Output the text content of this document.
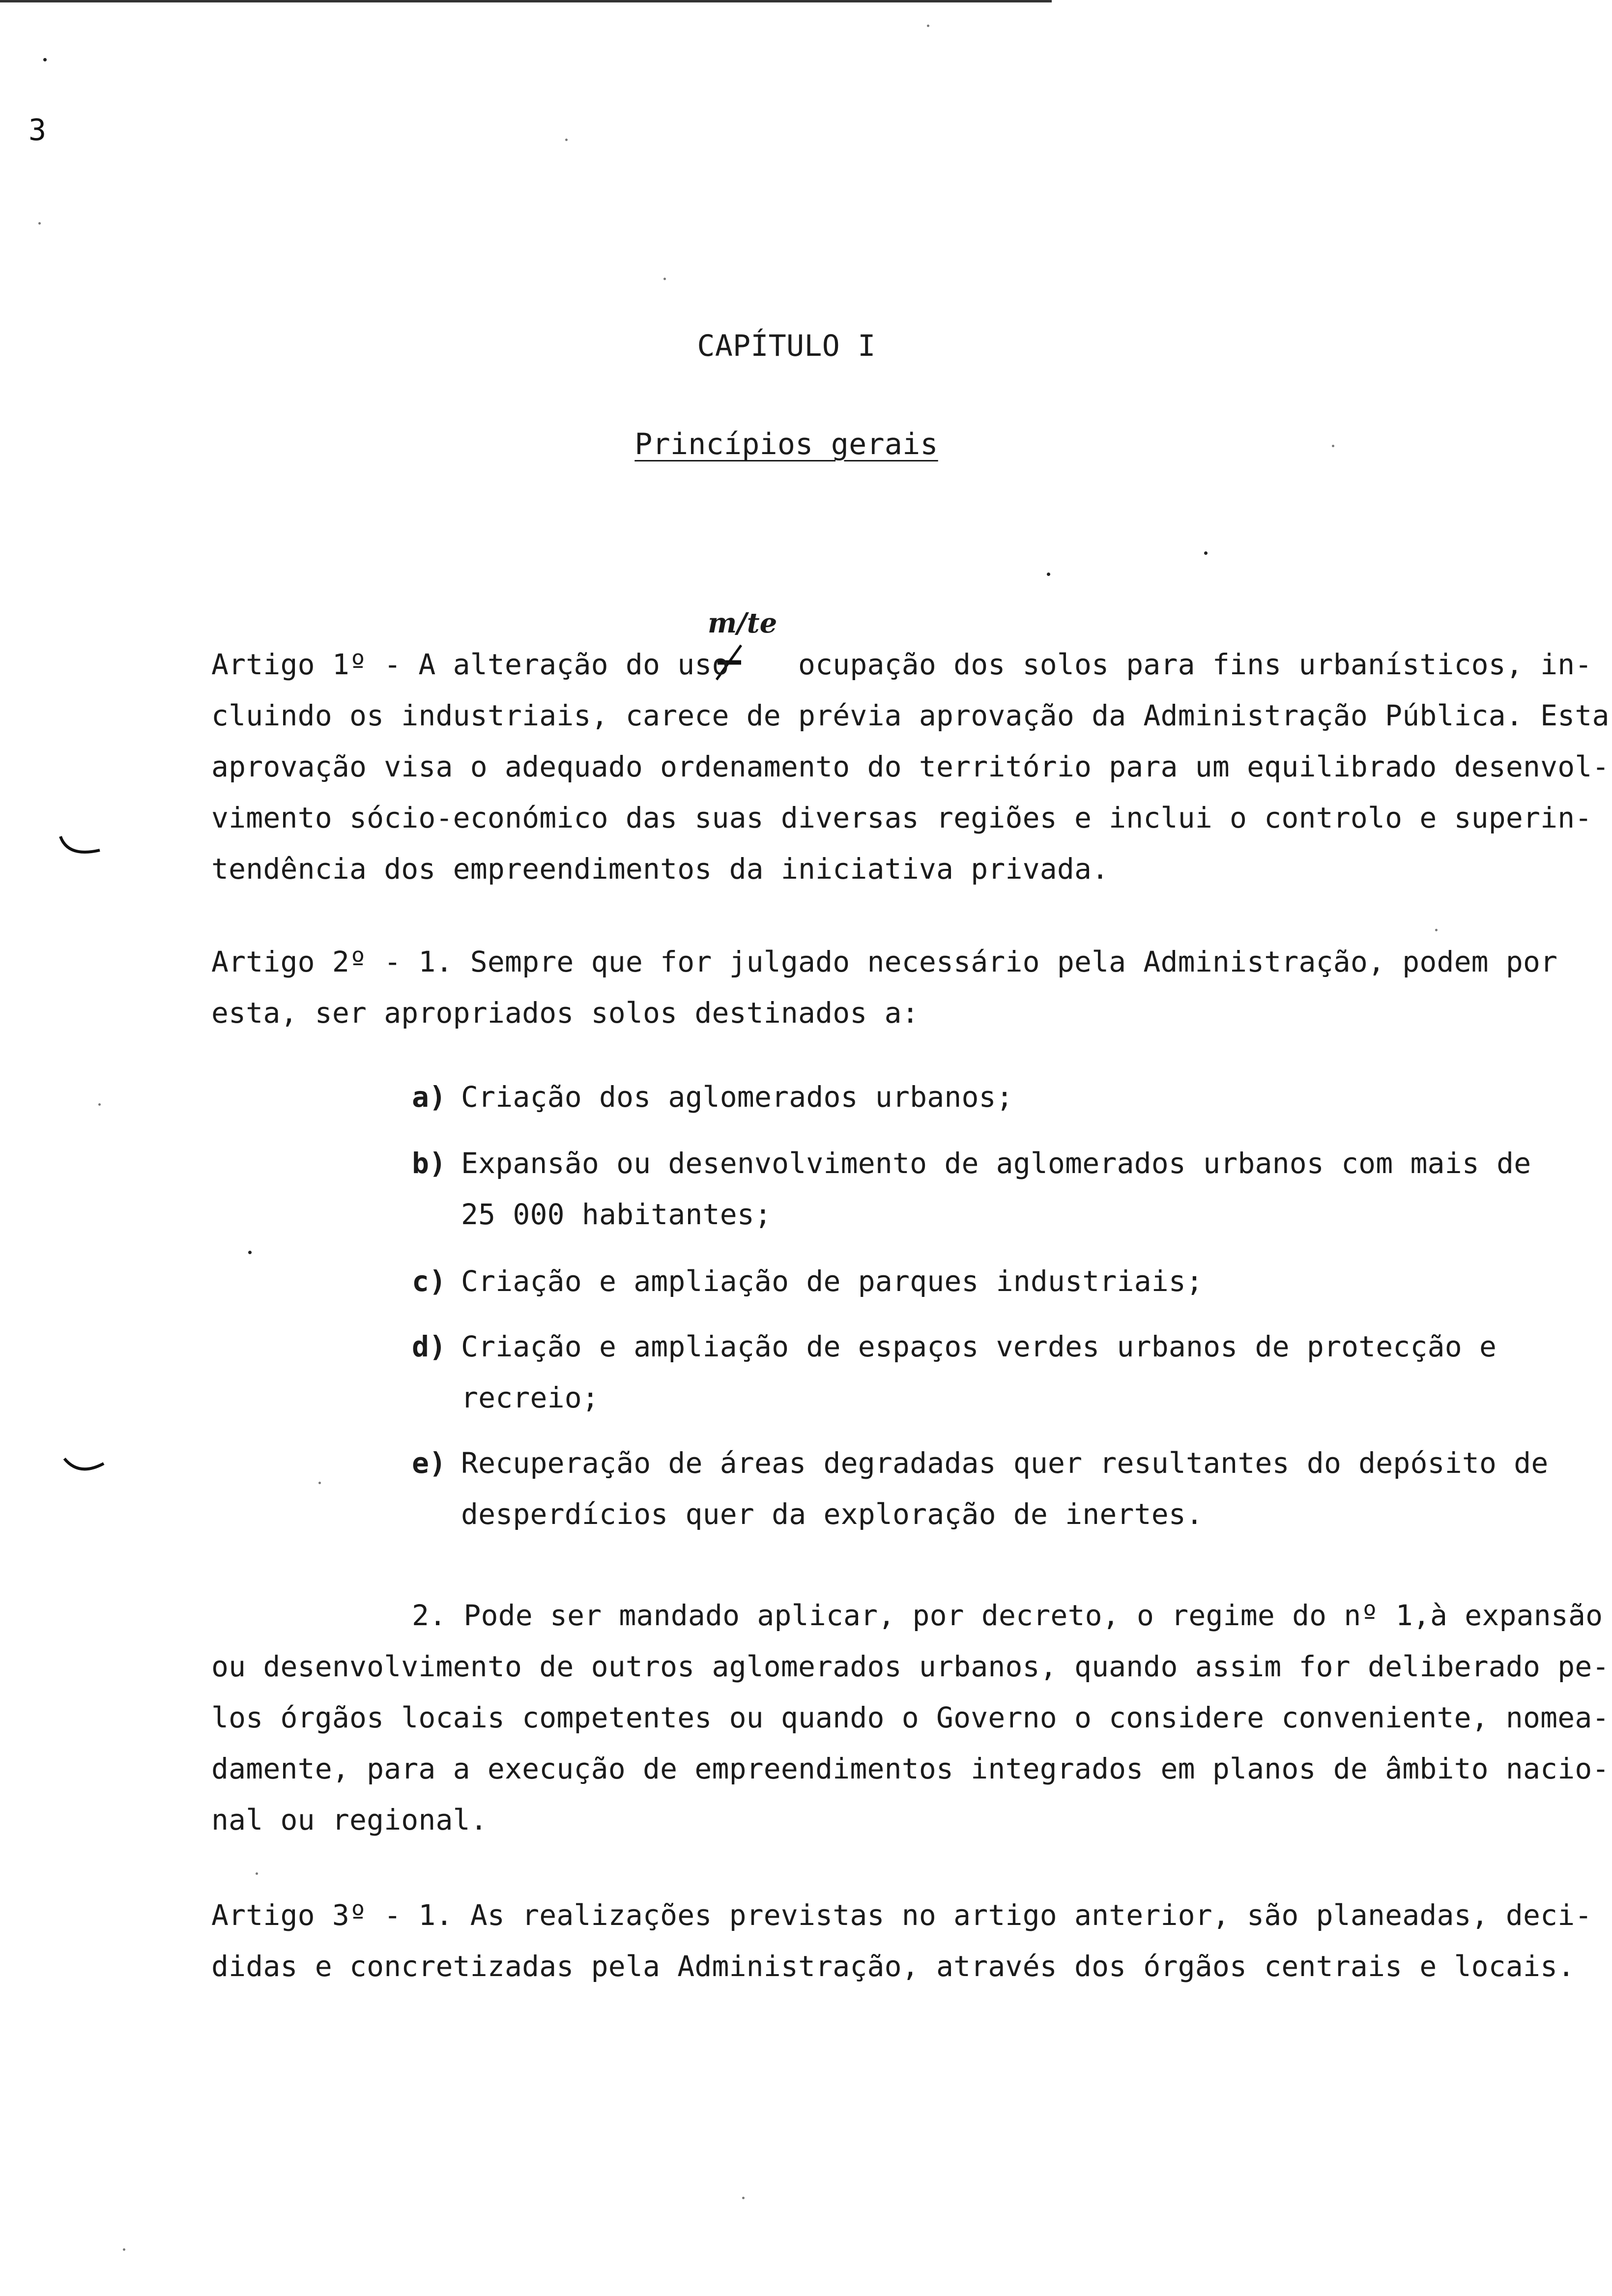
3
CAPÍTULO I
Princípios gerais
m/te
Artigo 1º - A alteração do uso    ocupação dos solos para fins urbanísticos, in-
cluindo os industriais, carece de prévia aprovação da Administração Pública. Esta
aprovação visa o adequado ordenamento do território para um equilibrado desenvol-
vimento sócio-económico das suas diversas regiões e inclui o controlo e superin-
tendência dos empreendimentos da iniciativa privada.
Artigo 2º - 1. Sempre que for julgado necessário pela Administração, podem por
esta, ser apropriados solos destinados a:
a) Criação dos aglomerados urbanos;
b) Expansão ou desenvolvimento de aglomerados urbanos com mais de
25 000 habitantes;
c) Criação e ampliação de parques industriais;
d) Criação e ampliação de espaços verdes urbanos de protecção e
recreio;
e) Recuperação de áreas degradadas quer resultantes do depósito de
desperdícios quer da exploração de inertes.
2. Pode ser mandado aplicar, por decreto, o regime do nº 1,à expansão
ou desenvolvimento de outros aglomerados urbanos, quando assim for deliberado pe-
los órgãos locais competentes ou quando o Governo o considere conveniente, nomea-
damente, para a execução de empreendimentos integrados em planos de âmbito nacio-
nal ou regional.
Artigo 3º - 1. As realizações previstas no artigo anterior, são planeadas, deci-
didas e concretizadas pela Administração, através dos órgãos centrais e locais.
